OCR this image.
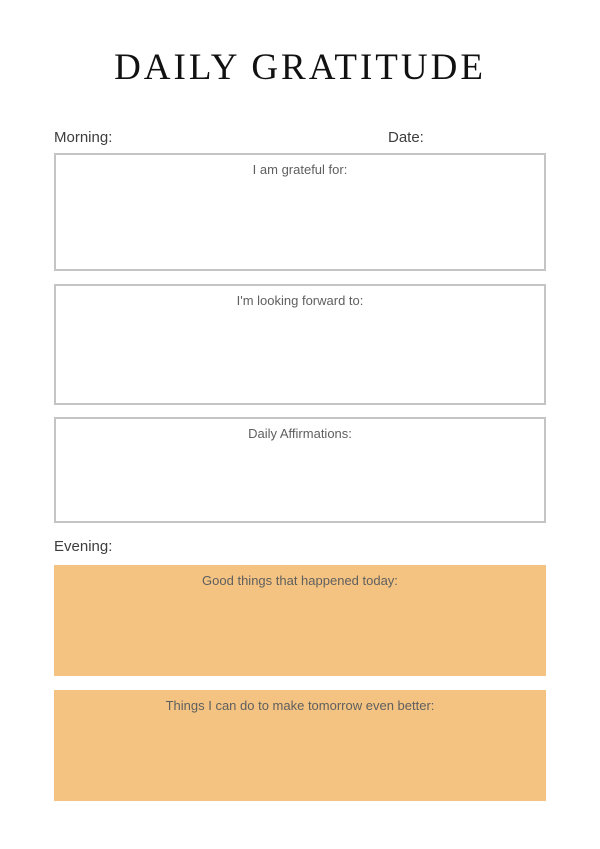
DAILY GRATITUDE
Morning:	Date:
I am grateful for:
I'm looking forward to:
Daily Affirmations:
Evening:
Good things that happened today:
Things I can do to make tomorrow even better:
